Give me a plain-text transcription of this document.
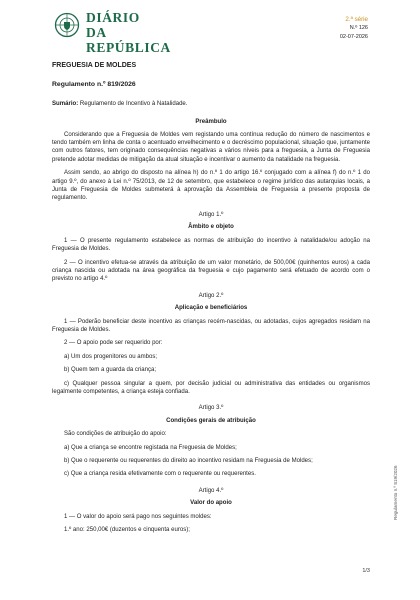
DIÁRIO
DA REPÚBLICA
2.ª série
N.º 126
02-07-2026

FREGUESIA DE MOLDES

Regulamento n.º 819/2026

Sumário: Regulamento de Incentivo à Natalidade.

Preâmbulo

Considerando que a Freguesia de Moldes vem registando uma contínua redução do número de nascimentos e tendo também em linha de conta o acentuado envelhecimento e o decréscimo populacional, situação que, juntamente com outros fatores, tem originado consequências negativas a vários níveis para a freguesia, a Junta de Freguesia pretende adotar medidas de mitigação da atual situação e incentivar o aumento da natalidade na freguesia.

Assim sendo, ao abrigo do disposto na alínea h) do n.º 1 do artigo 16.º conjugado com a alínea f) do n.º 1 do artigo 9.º, do anexo à Lei n.º 75/2013, de 12 de setembro, que estabelece o regime jurídico das autarquias locais, a Junta de Freguesia de Moldes submeterá à aprovação da Assembleia de Freguesia a presente proposta de regulamento.

Artigo 1.º

Âmbito e objeto

1 — O presente regulamento estabelece as normas de atribuição do incentivo à natalidade/ou adoção na Freguesia de Moldes.

2 — O incentivo efetua-se através da atribuição de um valor monetário, de 500,00€ (quinhentos euros) a cada criança nascida ou adotada na área geográfica da freguesia e cujo pagamento será efetuado de acordo com o previsto no artigo 4.º

Artigo 2.º

Aplicação e beneficiários

1 — Poderão beneficiar deste incentivo as crianças recém-nascidas, ou adotadas, cujos agregados residam na Freguesia de Moldes.

2 — O apoio pode ser requerido por:

a) Um dos progenitores ou ambos;

b) Quem tem a guarda da criança;

c) Qualquer pessoa singular a quem, por decisão judicial ou administrativa das entidades ou organismos legalmente competentes, a criança esteja confiada.

Artigo 3.º

Condições gerais de atribuição

São condições de atribuição do apoio:

a) Que a criança se encontre registada na Freguesia de Moldes;

b) Que o requerente ou requerentes do direito ao incentivo residam na Freguesia de Moldes;

c) Que a criança resida efetivamente com o requerente ou requerentes.

Artigo 4.º

Valor do apoio

1 — O valor do apoio será pago nos seguintes moldes:

1.º ano: 250,00€ (duzentos e cinquenta euros);

Regulamento n.º 819/2026
1/3
